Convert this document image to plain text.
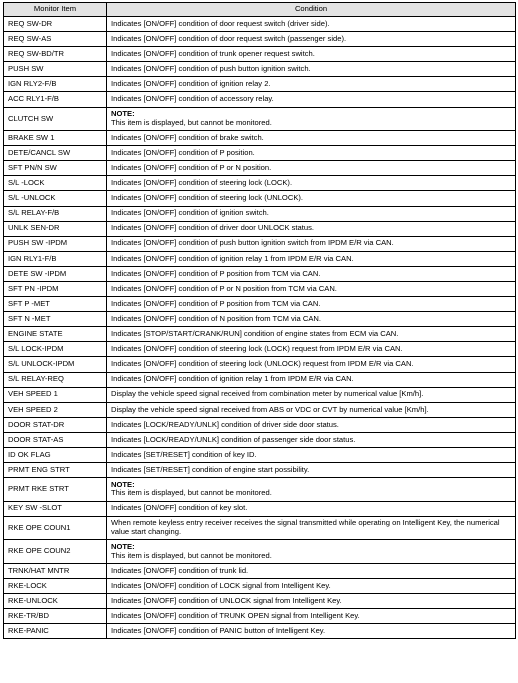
Monitor Item	Condition
REQ SW-DR	Indicates [ON/OFF] condition of door request switch (driver side).
REQ SW-AS	Indicates [ON/OFF] condition of door request switch (passenger side).
REQ SW-BD/TR	Indicates [ON/OFF] condition of trunk opener request switch.
PUSH SW	Indicates [ON/OFF] condition of push button ignition switch.
IGN RLY2-F/B	Indicates [ON/OFF] condition of ignition relay 2.
ACC RLY1-F/B	Indicates [ON/OFF] condition of accessory relay.
CLUTCH SW	NOTE:
This item is displayed, but cannot be monitored.

BRAKE SW 1	Indicates [ON/OFF] condition of brake switch.
DETE/CANCL SW	Indicates [ON/OFF] condition of P position.
SFT PN/N SW	Indicates [ON/OFF] condition of P or N position.
S/L -LOCK	Indicates [ON/OFF] condition of steering lock (LOCK).
S/L -UNLOCK	Indicates [ON/OFF] condition of steering lock (UNLOCK).
S/L RELAY-F/B	Indicates [ON/OFF] condition of ignition switch.
UNLK SEN-DR	Indicates [ON/OFF] condition of driver door UNLOCK status.
PUSH SW -IPDM	Indicates [ON/OFF] condition of push button ignition switch from IPDM E/R via CAN.
IGN RLY1-F/B	Indicates [ON/OFF] condition of ignition relay 1 from IPDM E/R via CAN.
DETE SW -IPDM	Indicates [ON/OFF] condition of P position from TCM via CAN.
SFT PN -IPDM	Indicates [ON/OFF] condition of P or N position from TCM via CAN.
SFT P -MET	Indicates [ON/OFF] condition of P position from TCM via CAN.
SFT N -MET	Indicates [ON/OFF] condition of N position from TCM via CAN.
ENGINE STATE	Indicates [STOP/START/CRANK/RUN] condition of engine states from ECM via CAN.
S/L LOCK-IPDM	Indicates [ON/OFF] condition of steering lock (LOCK) request from IPDM E/R via CAN.
S/L UNLOCK-IPDM	Indicates [ON/OFF] condition of steering lock (UNLOCK) request from IPDM E/R via CAN.
S/L RELAY-REQ	Indicates [ON/OFF] condition of ignition relay 1 from IPDM E/R via CAN.
VEH SPEED 1	Display the vehicle speed signal received from combination meter by numerical value [Km/h].
VEH SPEED 2	Display the vehicle speed signal received from ABS or VDC or CVT by numerical value [Km/h].
DOOR STAT-DR	Indicates [LOCK/READY/UNLK] condition of driver side door status.
DOOR STAT-AS	Indicates [LOCK/READY/UNLK] condition of passenger side door status.
ID OK FLAG	Indicates [SET/RESET] condition of key ID.
PRMT ENG STRT	Indicates [SET/RESET] condition of engine start possibility.
PRMT RKE STRT	NOTE:
This item is displayed, but cannot be monitored.

KEY SW -SLOT	Indicates [ON/OFF] condition of key slot.
RKE OPE COUN1	When remote keyless entry receiver receives the signal transmitted while operating on Intelligent Key, the numerical value start changing.
RKE OPE COUN2	NOTE:
This item is displayed, but cannot be monitored.

TRNK/HAT MNTR	Indicates [ON/OFF] condition of trunk lid.
RKE-LOCK	Indicates [ON/OFF] condition of LOCK signal from Intelligent Key.
RKE-UNLOCK	Indicates [ON/OFF] condition of UNLOCK signal from Intelligent Key.
RKE-TR/BD	Indicates [ON/OFF] condition of TRUNK OPEN signal from Intelligent Key.
RKE-PANIC	Indicates [ON/OFF] condition of PANIC button of Intelligent Key.
